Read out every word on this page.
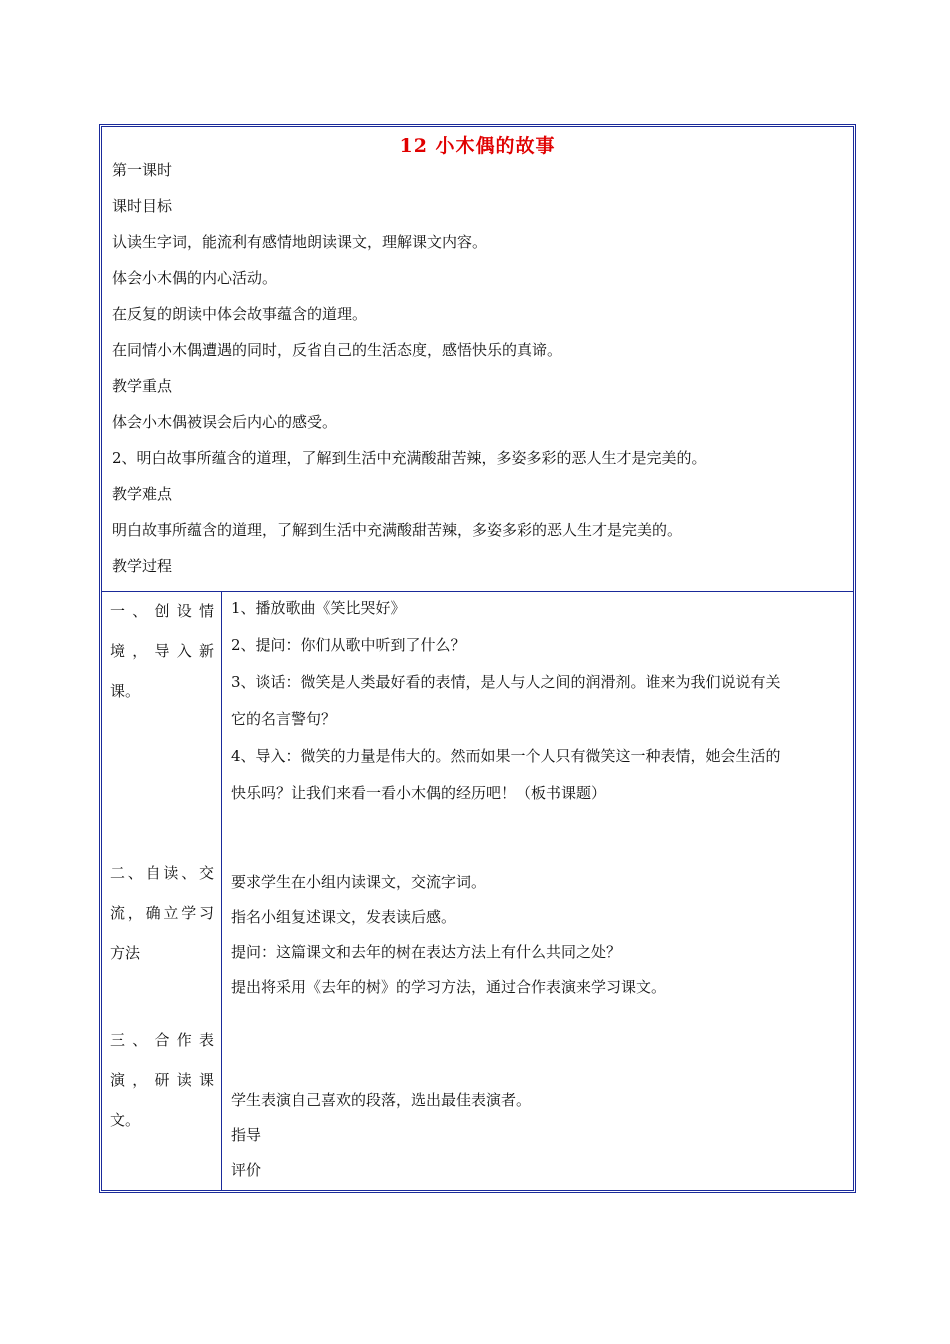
12 小木偶的故事
第一课时
课时目标
认读生字词，能流利有感情地朗读课文，理解课文内容。
体会小木偶的内心活动。
在反复的朗读中体会故事蕴含的道理。
在同情小木偶遭遇的同时，反省自己的生活态度，感悟快乐的真谛。
教学重点
体会小木偶被误会后内心的感受。
2、明白故事所蕴含的道理，了解到生活中充满酸甜苦辣，多姿多彩的恶人生才是完美的。
教学难点
明白故事所蕴含的道理，了解到生活中充满酸甜苦辣，多姿多彩的恶人生才是完美的。
教学过程
一、创设情
境，导入新
课。
1、播放歌曲《笑比哭好》
2、提问：你们从歌中听到了什么？
3、谈话：微笑是人类最好看的表情，是人与人之间的润滑剂。谁来为我们说说有关
它的名言警句？
4、导入：微笑的力量是伟大的。然而如果一个人只有微笑这一种表情，她会生活的
快乐吗？让我们来看一看小木偶的经历吧！（板书课题）
二、自读、交
流，确立学习
方法
要求学生在小组内读课文，交流字词。
指名小组复述课文，发表读后感。
提问：这篇课文和去年的树在表达方法上有什么共同之处？
提出将采用《去年的树》的学习方法，通过合作表演来学习课文。
三、合作表
演，研读课
文。
学生表演自己喜欢的段落，选出最佳表演者。
指导
评价
